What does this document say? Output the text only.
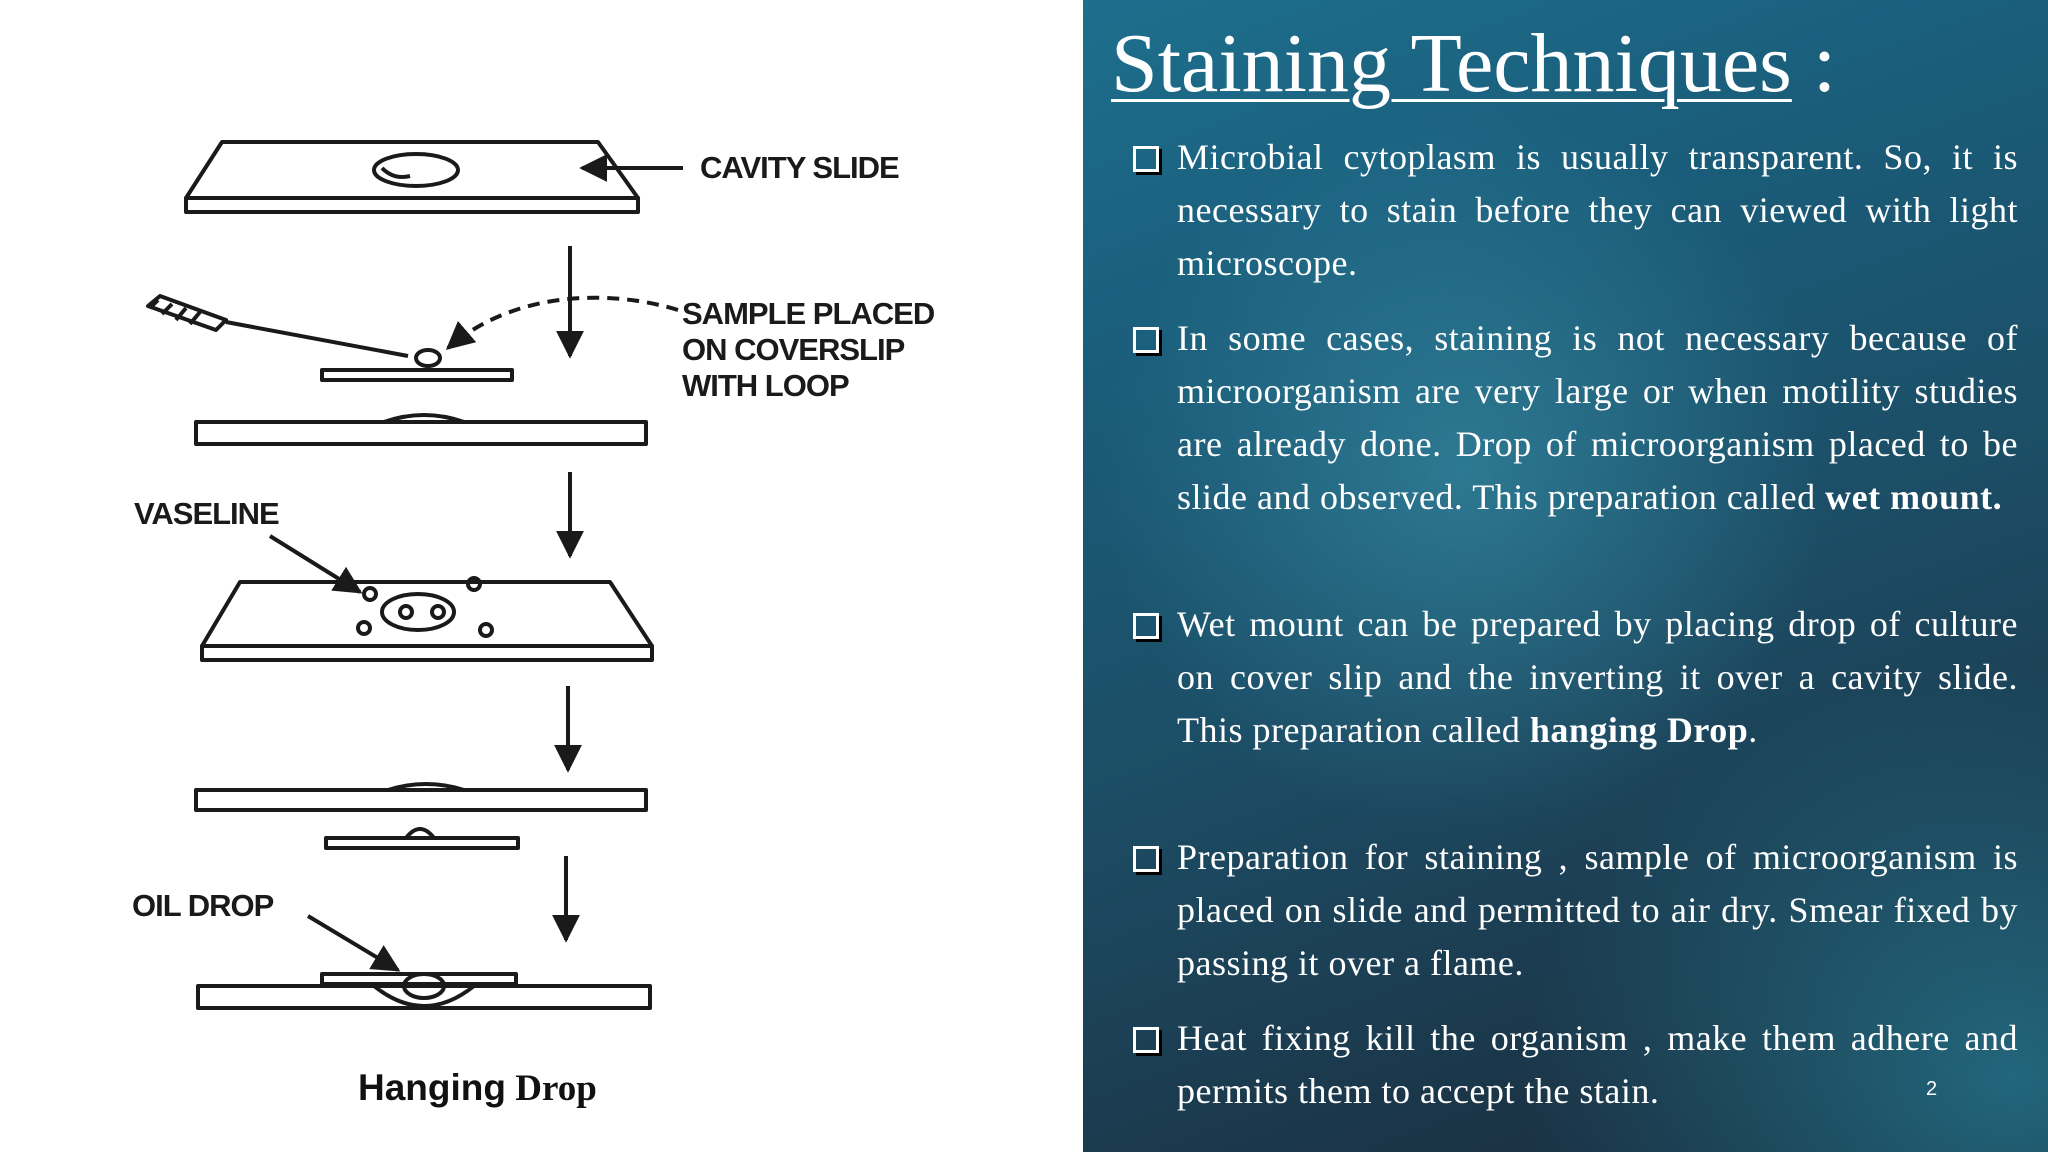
CAVITY SLIDE
SAMPLE PLACED
ON COVERSLIP
WITH LOOP
VASELINE
OIL DROP
Hanging Drop
Staining Techniques :
Microbial cytoplasm is usually transparent. So, it is necessary to stain before they can viewed with light microscope.
In some cases, staining is not necessary because of microorganism are very large or when motility studies are already done. Drop of microorganism placed to be slide and observed. This preparation called wet mount.
Wet mount can be prepared by placing drop of culture on cover slip and the inverting it over a cavity slide. This preparation called hanging Drop.
Preparation for staining , sample of microorganism is placed on slide and permitted to air dry. Smear fixed by passing it over a flame.
Heat fixing kill the organism , make them adhere and permits them to accept the stain.	2
